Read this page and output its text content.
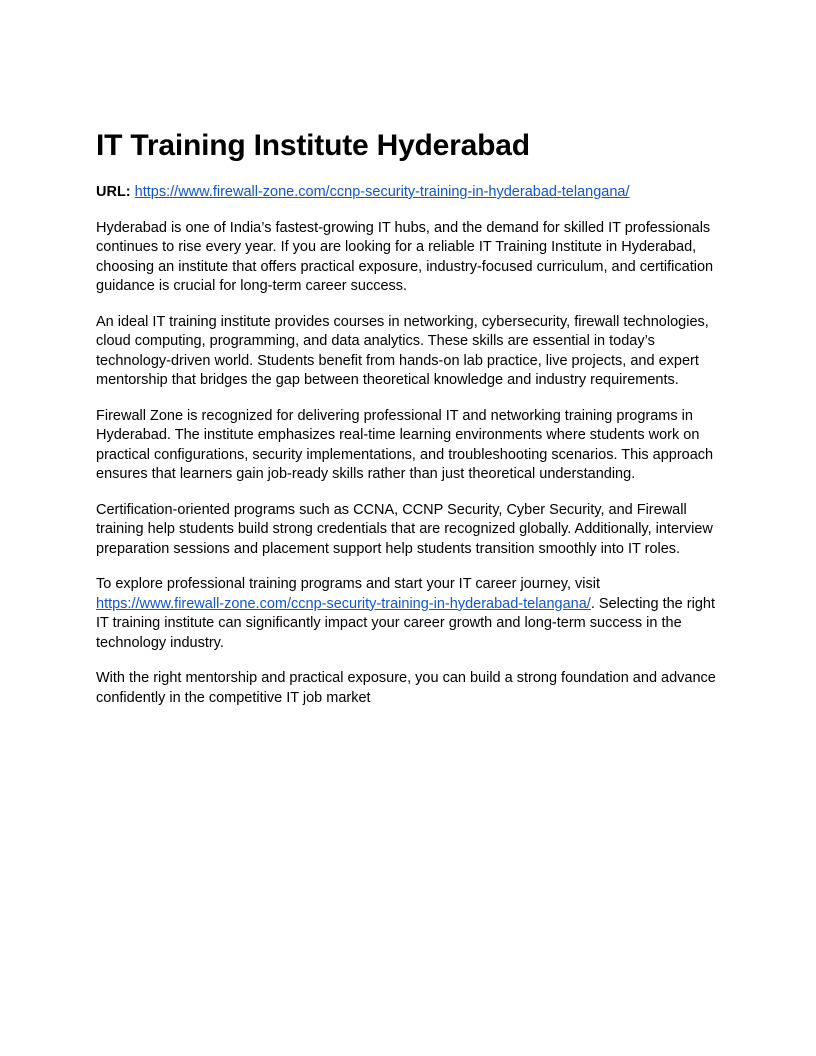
IT Training Institute Hyderabad

URL: https://www.firewall-zone.com/ccnp-security-training-in-hyderabad-telangana/

Hyderabad is one of India’s fastest-growing IT hubs, and the demand for skilled IT professionals continues to rise every year. If you are looking for a reliable IT Training Institute in Hyderabad, choosing an institute that offers practical exposure, industry-focused curriculum, and certification guidance is crucial for long-term career success.

An ideal IT training institute provides courses in networking, cybersecurity, firewall technologies, cloud computing, programming, and data analytics. These skills are essential in today’s technology-driven world. Students benefit from hands-on lab practice, live projects, and expert mentorship that bridges the gap between theoretical knowledge and industry requirements.

Firewall Zone is recognized for delivering professional IT and networking training programs in Hyderabad. The institute emphasizes real-time learning environments where students work on practical configurations, security implementations, and troubleshooting scenarios. This approach ensures that learners gain job-ready skills rather than just theoretical understanding.

Certification-oriented programs such as CCNA, CCNP Security, Cyber Security, and Firewall training help students build strong credentials that are recognized globally. Additionally, interview preparation sessions and placement support help students transition smoothly into IT roles.

To explore professional training programs and start your IT career journey, visit
https://www.firewall-zone.com/ccnp-security-training-in-hyderabad-telangana/. Selecting the right IT training institute can significantly impact your career growth and long-term success in the technology industry.

With the right mentorship and practical exposure, you can build a strong foundation and advance confidently in the competitive IT job market
